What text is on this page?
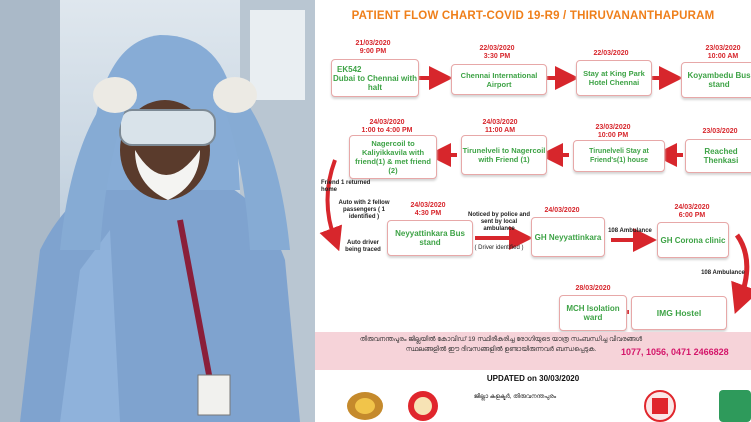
PATIENT FLOW CHART-COVID 19-R9 / THIRUVANANTHAPURAM
21/03/2020
9:00 PM
EK542
Dubai to Chennai with halt
22/03/2020
3:30 PM
Chennai International Airport
22/03/2020
Stay at King Park Hotel Chennai
23/03/2020
10:00 AM
Koyambedu Bus stand
23/03/2020
Reached Thenkasi
23/03/2020
10:00 PM
Tirunelveli Stay at Friend's(1) house
24/03/2020
11:00 AM
Tirunelveli to Nagercoil with Friend (1)
24/03/2020
1:00 to 4:00 PM
Nagercoil to Kaliyikkavila with friend(1) & met friend (2)
Friend 1 returned home
Auto with 2 fellow passengers ( 1 identified )
Auto driver being traced
24/03/2020
4:30 PM
Neyyattinkara Bus stand
Noticed by police and sent by local ambulance
( Driver identified )
24/03/2020
GH Neyyattinkara
108 Ambulance
24/03/2020
6:00 PM
GH Corona clinic
108 Ambulance
IMG Hostel
28/03/2020
MCH Isolation ward
തിരുവനന്തപുരം ജില്ലയിൽ കോവിഡ് 19 സ്ഥിരീകരിച്ച രോഗിയുടെ യാത്ര സംബന്ധിച്ച വിവരങ്ങൾ
സ്ഥലങ്ങളിൽ ഈ ദിവസങ്ങളിൽ ഉണ്ടായിരുന്നവർ ബന്ധപ്പെടുക.	1077, 1056, 0471 2466828
UPDATED on 30/03/2020
ജില്ലാ കളക്ടർ, തിരുവനന്തപുരം
